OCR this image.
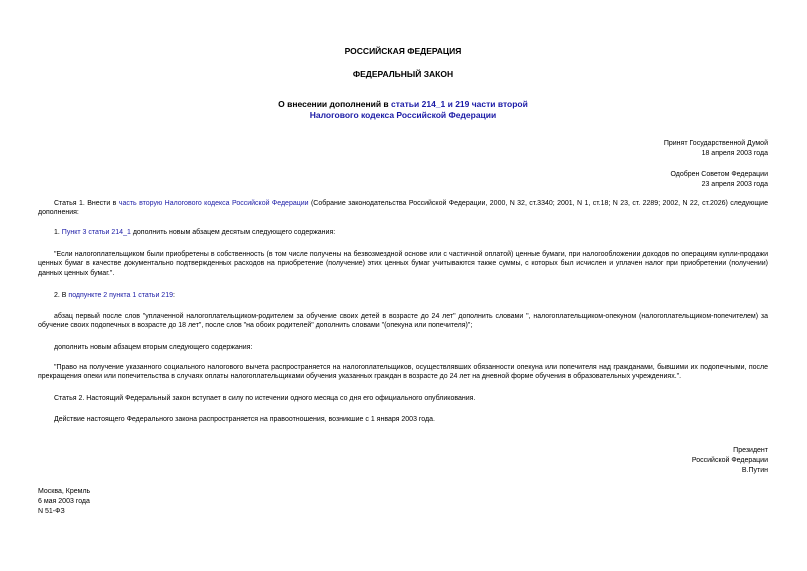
РОССИЙСКАЯ ФЕДЕРАЦИЯ
ФЕДЕРАЛЬНЫЙ ЗАКОН
О внесении дополнений в статьи 214_1 и 219 части второй
Налогового кодекса Российской Федерации
Принят Государственной Думой
18 апреля 2003 года
Одобрен Советом Федерации
23 апреля 2003 года
Статья 1. Внести в часть вторую Налогового кодекса Российской Федерации (Собрание законодательства Российской Федерации, 2000, N 32, ст.3340; 2001, N 1, ст.18; N 23, ст. 2289; 2002, N 22, ст.2026) следующие дополнения:
1. Пункт 3 статьи 214_1 дополнить новым абзацем десятым следующего содержания:
"Если налогоплательщиком были приобретены в собственность (в том числе получены на безвозмездной основе или с частичной оплатой) ценные бумаги, при налогообложении доходов по операциям купли-продажи ценных бумаг в качестве документально подтвержденных расходов на приобретение (получение) этих ценных бумаг учитываются также суммы, с которых был исчислен и уплачен налог при приобретении (получении) данных ценных бумаг.".
2. В подпункте 2 пункта 1 статьи 219:
абзац первый после слов "уплаченной налогоплательщиком-родителем за обучение своих детей в возрасте до 24 лет" дополнить словами ", налогоплательщиком-опекуном (налогоплательщиком-попечителем) за обучение своих подопечных в возрасте до 18 лет", после слов "на обоих родителей" дополнить словами "(опекуна или попечителя)";
дополнить новым абзацем вторым следующего содержания:
"Право на получение указанного социального налогового вычета распространяется на налогоплательщиков, осуществлявших обязанности опекуна или попечителя над гражданами, бывшими их подопечными, после прекращения опеки или попечительства в случаях оплаты налогоплательщиками обучения указанных граждан в возрасте до 24 лет на дневной форме обучения в образовательных учреждениях.".
Статья 2. Настоящий Федеральный закон вступает в силу по истечении одного месяца со дня его официального опубликования.
Действие настоящего Федерального закона распространяется на правоотношения, возникшие с 1 января 2003 года.
Президент
Российской Федерации
В.Путин
Москва, Кремль
6 мая 2003 года
N 51-ФЗ
